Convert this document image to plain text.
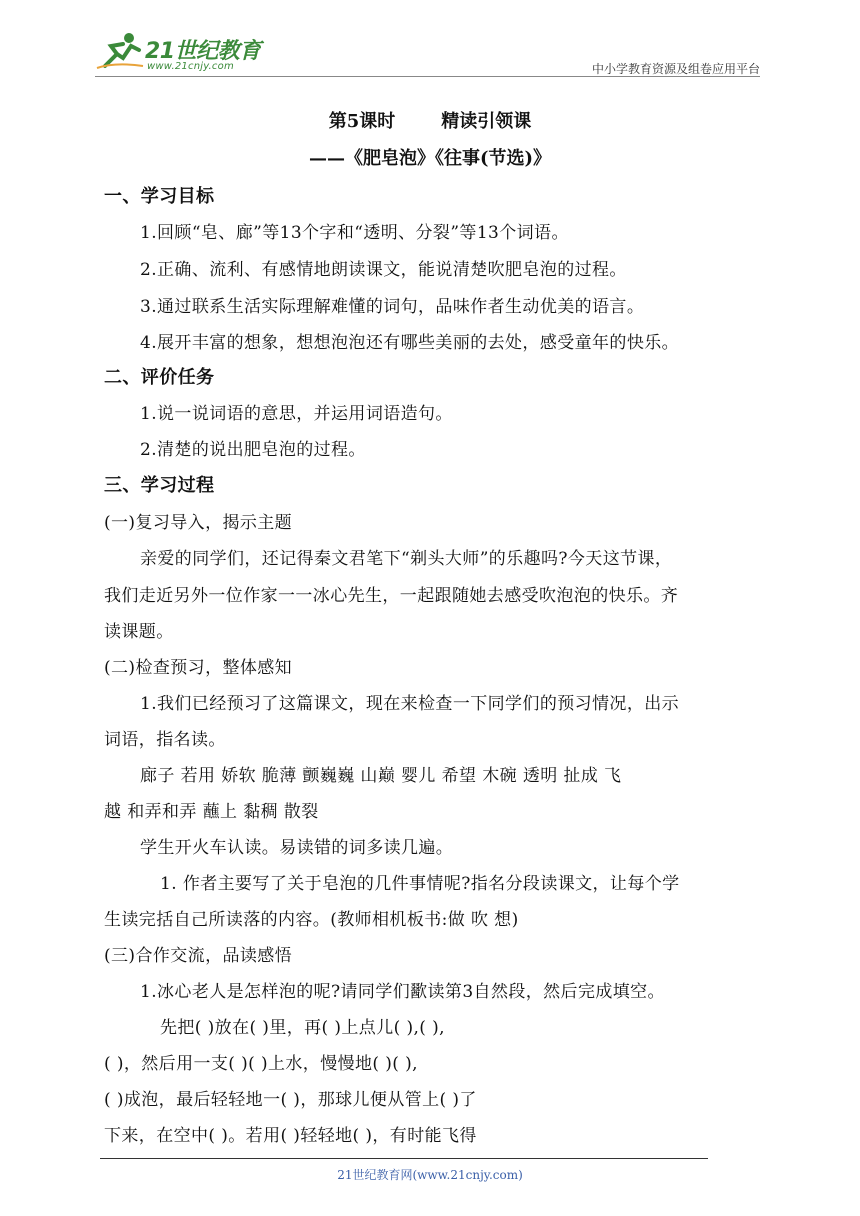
21世纪教育
www.21cnjy.com	中小学教育资源及组卷应用平台
第5课时	精读引领课
——《肥皂泡》《往事(节选)》
一、学习目标
1.回顾“皂、廊”等13个字和“透明、分裂”等13个词语。
2.正确、流利、有感情地朗读课文，能说清楚吹肥皂泡的过程。
3.通过联系生活实际理解难懂的词句，品味作者生动优美的语言。
4.展开丰富的想象，想想泡泡还有哪些美丽的去处，感受童年的快乐。
二、评价任务
1.说一说词语的意思，并运用词语造句。
2.清楚的说出肥皂泡的过程。
三、学习过程
(一)复习导入，揭示主题
亲爱的同学们，还记得秦文君笔下“剃头大师”的乐趣吗?今天这节课，
我们走近另外一位作家一一冰心先生，一起跟随她去感受吹泡泡的快乐。齐
读课题。
(二)检查预习，整体感知
1.我们已经预习了这篇课文，现在来检查一下同学们的预习情况，出示
词语，指名读。
廊子 若用 娇软 脆薄 颤巍巍 山巅 婴儿 希望 木碗 透明 扯成 飞
越 和弄和弄 蘸上 黏稠 散裂
学生开火车认读。易读错的词多读几遍。
1. 作者主要写了关于皂泡的几件事情呢?指名分段读课文，让每个学
生读完括自己所读落的内容。(教师相机板书:做 吹 想)
(三)合作交流，品读感悟
1.冰心老人是怎样泡的呢?请同学们歠读第3自然段，然后完成填空。
先把( )放在( )里，再( )上点儿( ),( ),
( )，然后用一支( )( )上水，慢慢地( )( ),
( )成泡，最后轻轻地一( )，那球儿便从管上( )了
下来，在空中( )。若用( )轻轻地( )，有时能飞得
21世纪教育网(www.21cnjy.com)
